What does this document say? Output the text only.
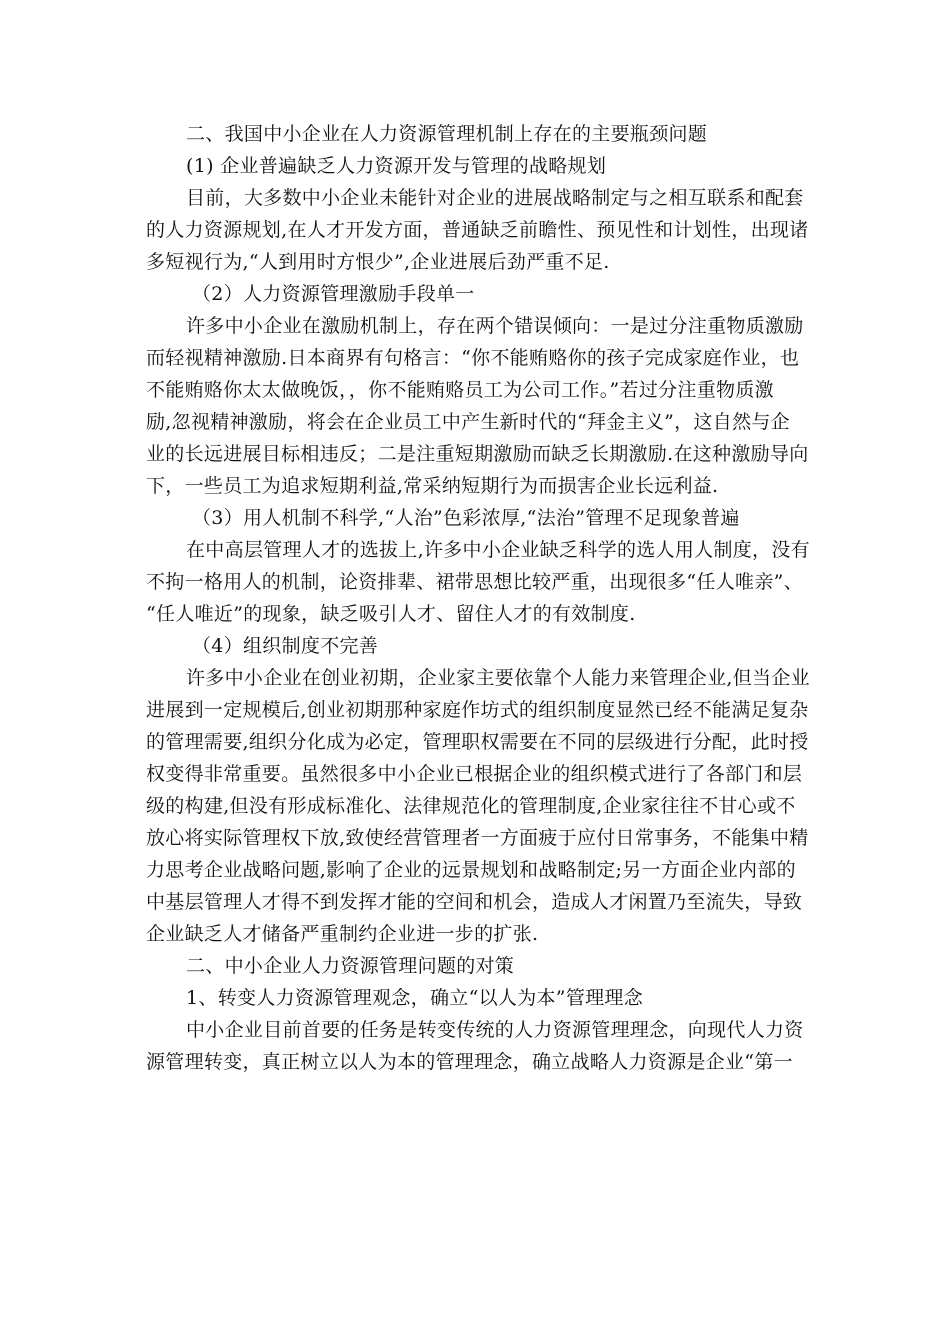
二、我国中小企业在人力资源管理机制上存在的主要瓶颈问题
(1) 企业普遍缺乏人力资源开发与管理的战略规划
目前，大多数中小企业未能针对企业的进展战略制定与之相互联系和配套
的人力资源规划,在人才开发方面，普通缺乏前瞻性、预见性和计划性，出现诸
多短视行为,“人到用时方恨少”,企业进展后劲严重不足.
（2）人力资源管理激励手段单一
许多中小企业在激励机制上，存在两个错误倾向：一是过分注重物质激励
而轻视精神激励.日本商界有句格言：“你不能贿赂你的孩子完成家庭作业，也
不能贿赂你太太做晚饭，，你不能贿赂员工为公司工作。”若过分注重物质激
励,忽视精神激励，将会在企业员工中产生新时代的“拜金主义”，这自然与企
业的长远进展目标相违反；二是注重短期激励而缺乏长期激励.在这种激励导向
下，一些员工为追求短期利益,常采纳短期行为而损害企业长远利益.
（3）用人机制不科学,“人治”色彩浓厚,“法治”管理不足现象普遍
在中高层管理人才的选拔上,许多中小企业缺乏科学的选人用人制度，没有
不拘一格用人的机制，论资排辈、裙带思想比较严重，出现很多“任人唯亲”、
“任人唯近”的现象，缺乏吸引人才、留住人才的有效制度.
（4）组织制度不完善
许多中小企业在创业初期，企业家主要依靠个人能力来管理企业,但当企业
进展到一定规模后,创业初期那种家庭作坊式的组织制度显然已经不能满足复杂
的管理需要,组织分化成为必定，管理职权需要在不同的层级进行分配，此时授
权变得非常重要。虽然很多中小企业已根据企业的组织模式进行了各部门和层
级的构建,但没有形成标准化、法律规范化的管理制度,企业家往往不甘心或不
放心将实际管理权下放,致使经营管理者一方面疲于应付日常事务，不能集中精
力思考企业战略问题,影响了企业的远景规划和战略制定;另一方面企业内部的
中基层管理人才得不到发挥才能的空间和机会，造成人才闲置乃至流失，导致
企业缺乏人才储备严重制约企业进一步的扩张.
二、中小企业人力资源管理问题的对策
1、转变人力资源管理观念，确立“以人为本”管理理念
中小企业目前首要的任务是转变传统的人力资源管理理念，向现代人力资
源管理转变，真正树立以人为本的管理理念，确立战略人力资源是企业“第一
